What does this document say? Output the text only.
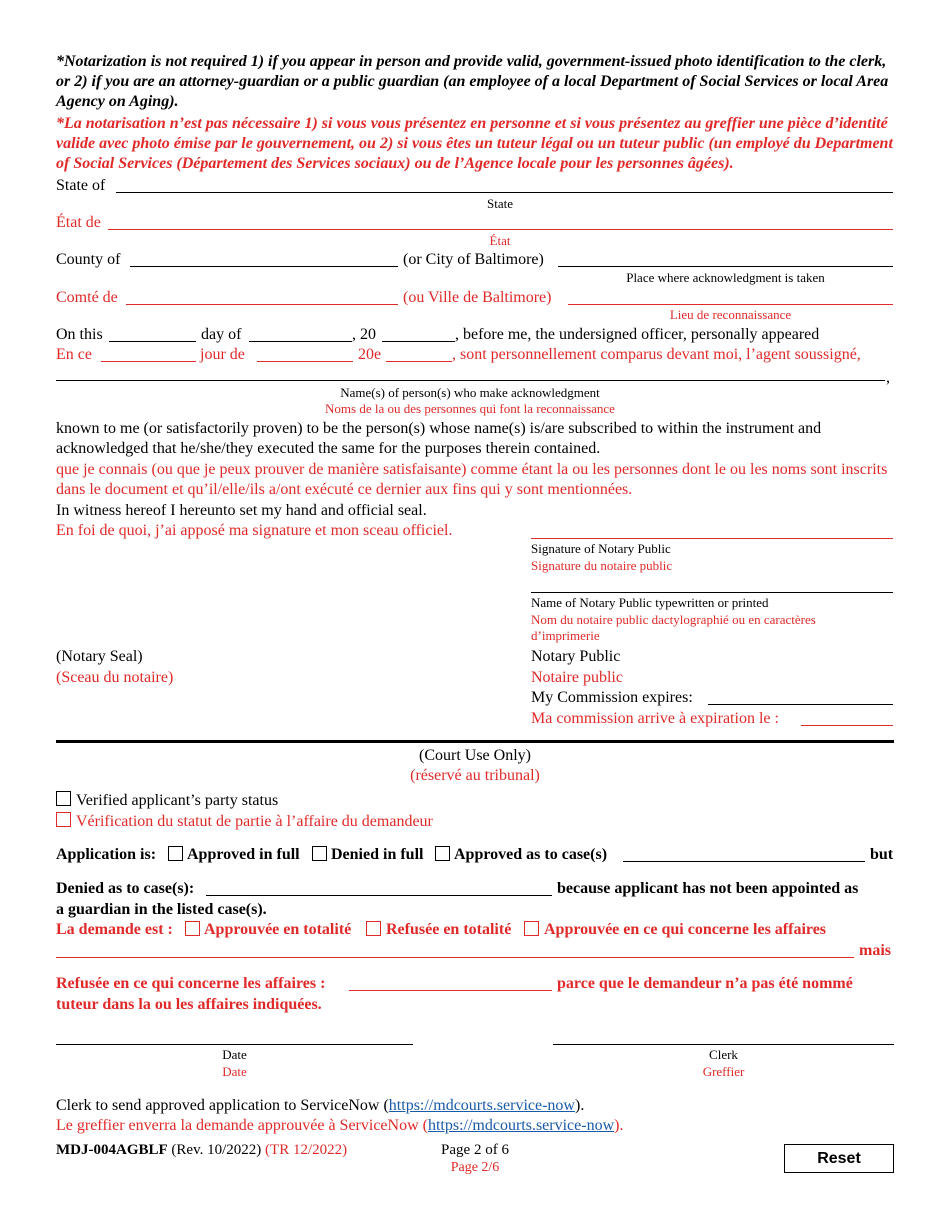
*Notarization is not required 1) if you appear in person and provide valid, government-issued photo identification to the clerk, or 2) if you are an attorney-guardian or a public guardian (an employee of a local Department of Social Services or local Area Agency on Aging).
*La notarisation n’est pas nécessaire 1) si vous vous présentez en personne et si vous présentez au greffier une pièce d’identité valide avec photo émise par le gouvernement, ou 2) si vous êtes un tuteur légal ou un tuteur public (un employé du Department of Social Services (Département des Services sociaux) ou de l’Agence locale pour les personnes âgées).
State of
State
État de
État
County of	(or City of Baltimore)
Place where acknowledgment is taken
Comté de	(ou Ville de Baltimore)
Lieu de reconnaissance
On this	day of	, 20	, before me, the undersigned officer, personally appeared
En ce	jour de	20e	, sont personnellement comparus devant moi, l’agent soussigné,
,
Name(s) of person(s) who make acknowledgment
Noms de la ou des personnes qui font la reconnaissance
known to me (or satisfactorily proven) to be the person(s) whose name(s) is/are subscribed to within the instrument and acknowledged that he/she/they executed the same for the purposes therein contained.
que je connais (ou que je peux prouver de manière satisfaisante) comme étant la ou les personnes dont le ou les noms sont inscrits dans le document et qu’il/elle/ils a/ont exécuté ce dernier aux fins qui y sont mentionnées.
In witness hereof I hereunto set my hand and official seal.
En foi de quoi, j’ai apposé ma signature et mon sceau officiel.
Signature of Notary Public
Signature du notaire public
Name of Notary Public typewritten or printed
Nom du notaire public dactylographié ou en caractères
d’imprimerie
(Notary Seal)
(Sceau du notaire)
Notary Public
Notaire public
My Commission expires:
Ma commission arrive à expiration le :
(Court Use Only)
(réservé au tribunal)
Verified applicant’s party status
Vérification du statut de partie à l’affaire du demandeur
Application is: Approved in full Denied in full Approved as to case(s)	but
Denied as to case(s):	because applicant has not been appointed as
a guardian in the listed case(s).
La demande est : Approuvée en totalité Refusée en totalité Approuvée en ce qui concerne les affaires
mais
Refusée en ce qui concerne les affaires :	parce que le demandeur n’a pas été nommé
tuteur dans la ou les affaires indiquées.
Date
Date
Clerk
Greffier
Clerk to send approved application to ServiceNow (https://mdcourts.service-now).
Le greffier enverra la demande approuvée à ServiceNow (https://mdcourts.service-now).
MDJ-004AGBLF (Rev. 10/2022) (TR 12/2022)	Page 2 of 6
Page 2/6
Reset
